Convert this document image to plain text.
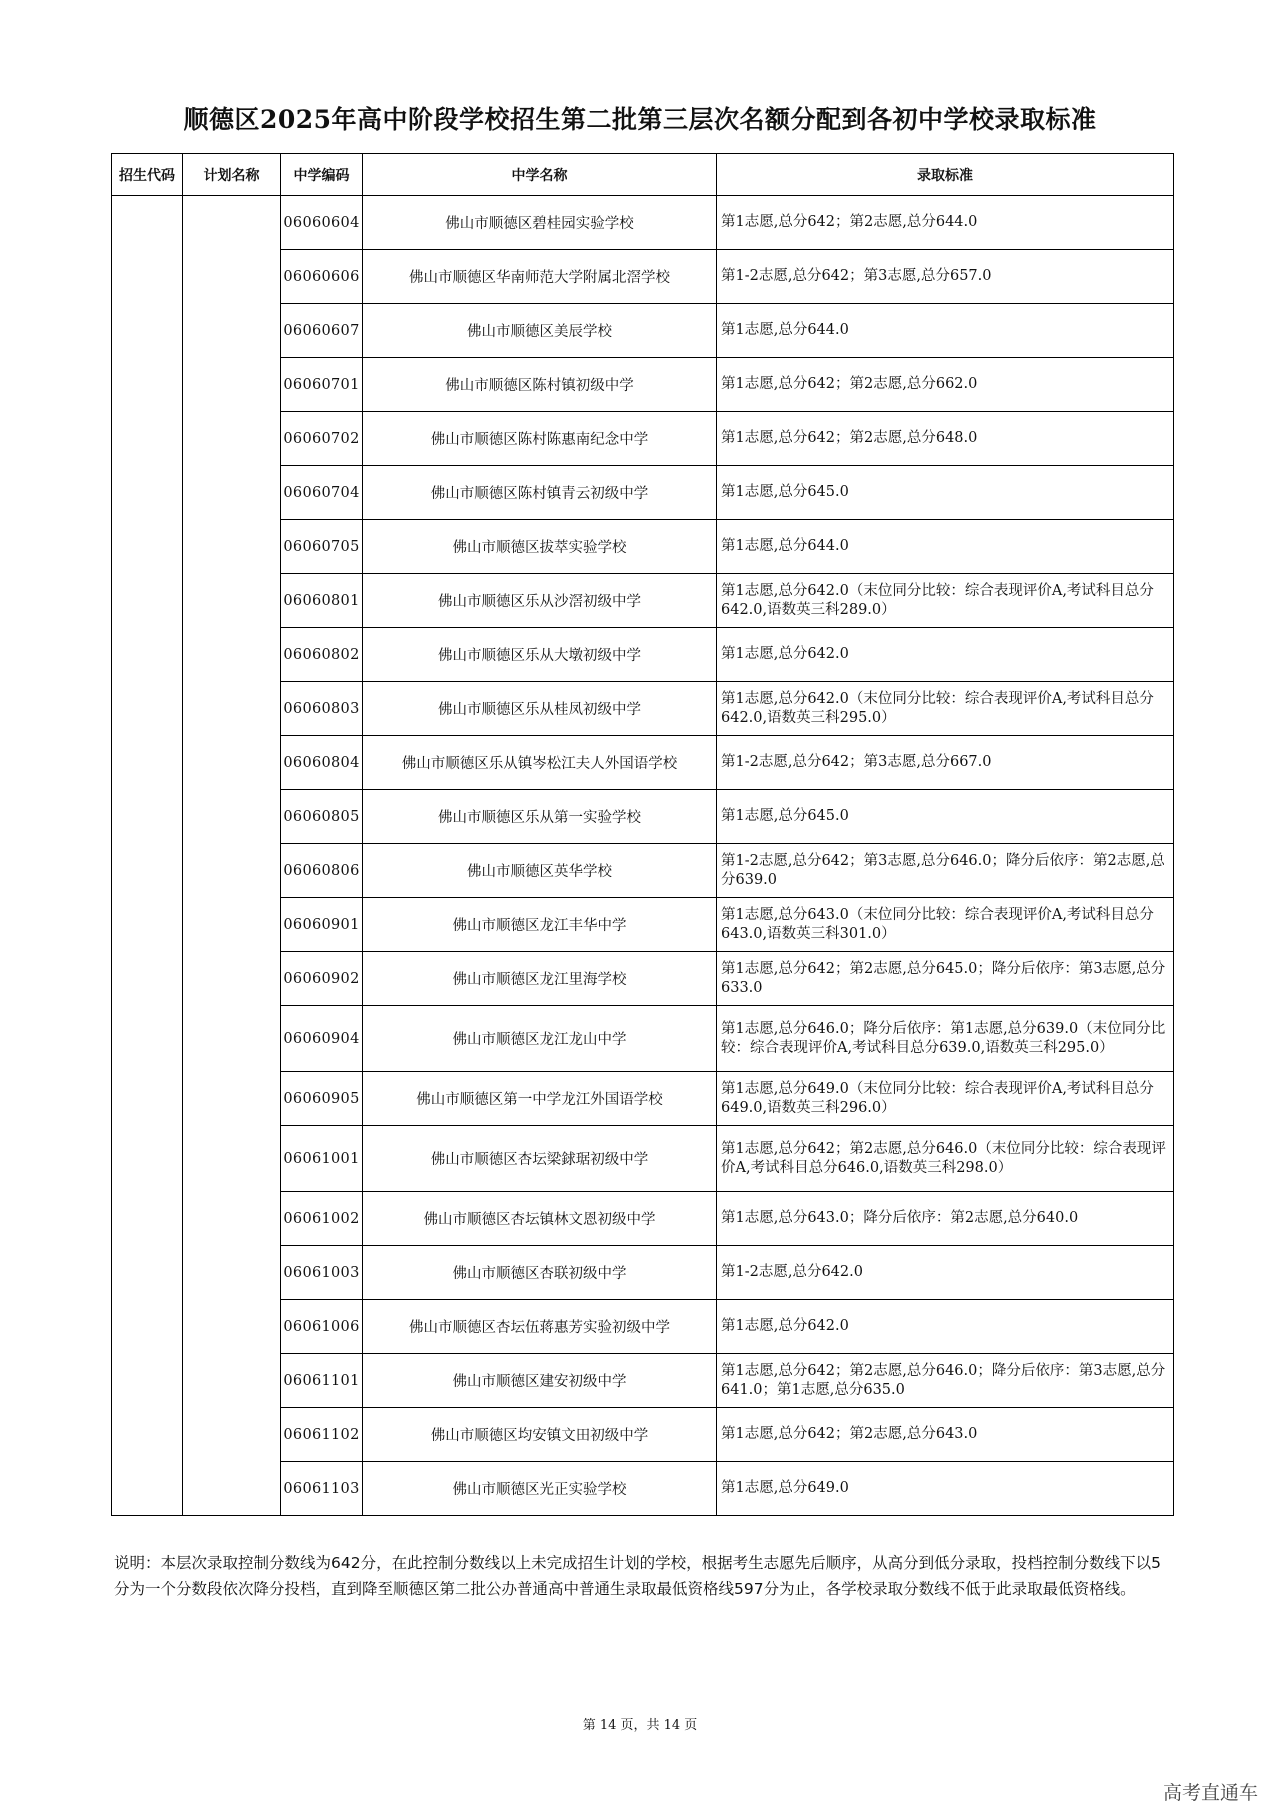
顺德区2025年高中阶段学校招生第二批第三层次名额分配到各初中学校录取标准
招生代码	计划名称	中学编码	中学名称	录取标准
		06060604	佛山市顺德区碧桂园实验学校	第1志愿,总分642；第2志愿,总分644.0
		06060606	佛山市顺德区华南师范大学附属北滘学校	第1-2志愿,总分642；第3志愿,总分657.0
		06060607	佛山市顺德区美辰学校	第1志愿,总分644.0
		06060701	佛山市顺德区陈村镇初级中学	第1志愿,总分642；第2志愿,总分662.0
		06060702	佛山市顺德区陈村陈惠南纪念中学	第1志愿,总分642；第2志愿,总分648.0
		06060704	佛山市顺德区陈村镇青云初级中学	第1志愿,总分645.0
		06060705	佛山市顺德区拔萃实验学校	第1志愿,总分644.0
		06060801	佛山市顺德区乐从沙滘初级中学	第1志愿,总分642.0（末位同分比较：综合表现评价A,考试科目总分642.0,语数英三科289.0）
		06060802	佛山市顺德区乐从大墩初级中学	第1志愿,总分642.0
		06060803	佛山市顺德区乐从桂凤初级中学	第1志愿,总分642.0（末位同分比较：综合表现评价A,考试科目总分642.0,语数英三科295.0）
		06060804	佛山市顺德区乐从镇岑松江夫人外国语学校	第1-2志愿,总分642；第3志愿,总分667.0
		06060805	佛山市顺德区乐从第一实验学校	第1志愿,总分645.0
		06060806	佛山市顺德区英华学校	第1-2志愿,总分642；第3志愿,总分646.0；降分后依序：第2志愿,总分639.0
		06060901	佛山市顺德区龙江丰华中学	第1志愿,总分643.0（末位同分比较：综合表现评价A,考试科目总分643.0,语数英三科301.0）
		06060902	佛山市顺德区龙江里海学校	第1志愿,总分642；第2志愿,总分645.0；降分后依序：第3志愿,总分633.0
		06060904	佛山市顺德区龙江龙山中学	第1志愿,总分646.0；降分后依序：第1志愿,总分639.0（末位同分比较：综合表现评价A,考试科目总分639.0,语数英三科295.0）
		06060905	佛山市顺德区第一中学龙江外国语学校	第1志愿,总分649.0（末位同分比较：综合表现评价A,考试科目总分649.0,语数英三科296.0）
		06061001	佛山市顺德区杏坛梁銶琚初级中学	第1志愿,总分642；第2志愿,总分646.0（末位同分比较：综合表现评价A,考试科目总分646.0,语数英三科298.0）
		06061002	佛山市顺德区杏坛镇林文恩初级中学	第1志愿,总分643.0；降分后依序：第2志愿,总分640.0
		06061003	佛山市顺德区杏联初级中学	第1-2志愿,总分642.0
		06061006	佛山市顺德区杏坛伍蒋惠芳实验初级中学	第1志愿,总分642.0
		06061101	佛山市顺德区建安初级中学	第1志愿,总分642；第2志愿,总分646.0；降分后依序：第3志愿,总分641.0；第1志愿,总分635.0
		06061102	佛山市顺德区均安镇文田初级中学	第1志愿,总分642；第2志愿,总分643.0
		06061103	佛山市顺德区光正实验学校	第1志愿,总分649.0
说明：本层次录取控制分数线为642分，在此控制分数线以上未完成招生计划的学校，根据考生志愿先后顺序，从高分到低分录取，投档控制分数线下以5分为一个分数段依次降分投档，直到降至顺德区第二批公办普通高中普通生录取最低资格线597分为止，各学校录取分数线不低于此录取最低资格线。
第 14 页，共 14 页
高考直通车
